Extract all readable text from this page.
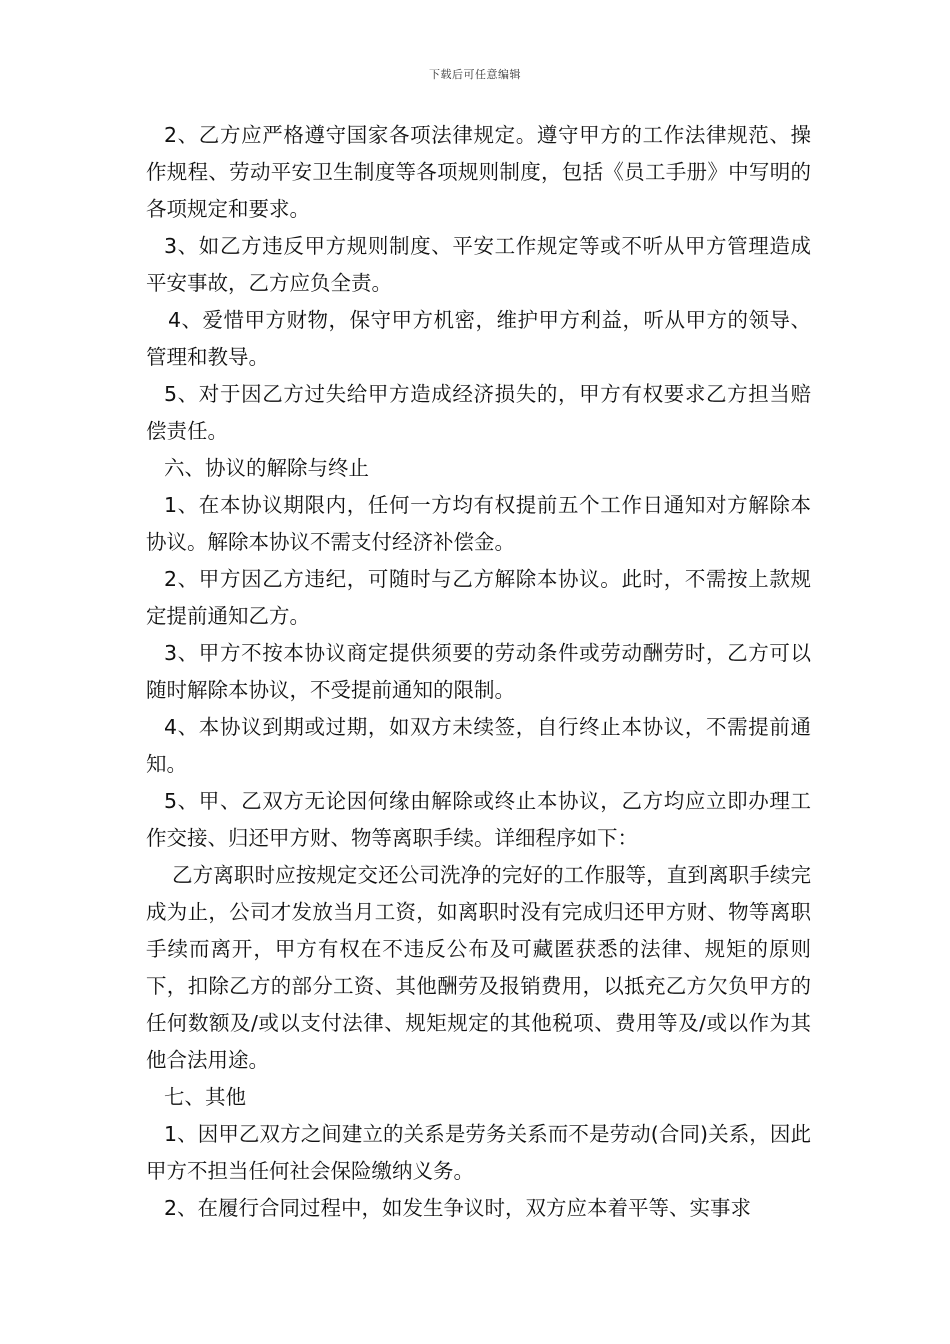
下载后可任意编辑

2、乙方应严格遵守国家各项法律规定。遵守甲方的工作法律规范、操作规程、劳动平安卫生制度等各项规则制度，包括《员工手册》中写明的各项规定和要求。

3、如乙方违反甲方规则制度、平安工作规定等或不听从甲方管理造成平安事故，乙方应负全责。

4、爱惜甲方财物，保守甲方机密，维护甲方利益，听从甲方的领导、管理和教导。

5、对于因乙方过失给甲方造成经济损失的，甲方有权要求乙方担当赔偿责任。

六、协议的解除与终止

1、在本协议期限内，任何一方均有权提前五个工作日通知对方解除本协议。解除本协议不需支付经济补偿金。

2、甲方因乙方违纪，可随时与乙方解除本协议。此时，不需按上款规定提前通知乙方。

3、甲方不按本协议商定提供须要的劳动条件或劳动酬劳时，乙方可以随时解除本协议，不受提前通知的限制。

4、本协议到期或过期，如双方未续签，自行终止本协议，不需提前通知。

5、甲、乙双方无论因何缘由解除或终止本协议，乙方均应立即办理工作交接、归还甲方财、物等离职手续。详细程序如下：

乙方离职时应按规定交还公司洗净的完好的工作服等，直到离职手续完成为止，公司才发放当月工资，如离职时没有完成归还甲方财、物等离职手续而离开，甲方有权在不违反公布及可藏匿获悉的法律、规矩的原则下，扣除乙方的部分工资、其他酬劳及报销费用，以抵充乙方欠负甲方的任何数额及/或以支付法律、规矩规定的其他税项、费用等及/或以作为其他合法用途。

七、其他

1、因甲乙双方之间建立的关系是劳务关系而不是劳动(合同)关系，因此甲方不担当任何社会保险缴纳义务。

2、在履行合同过程中，如发生争议时，双方应本着平等、实事求
